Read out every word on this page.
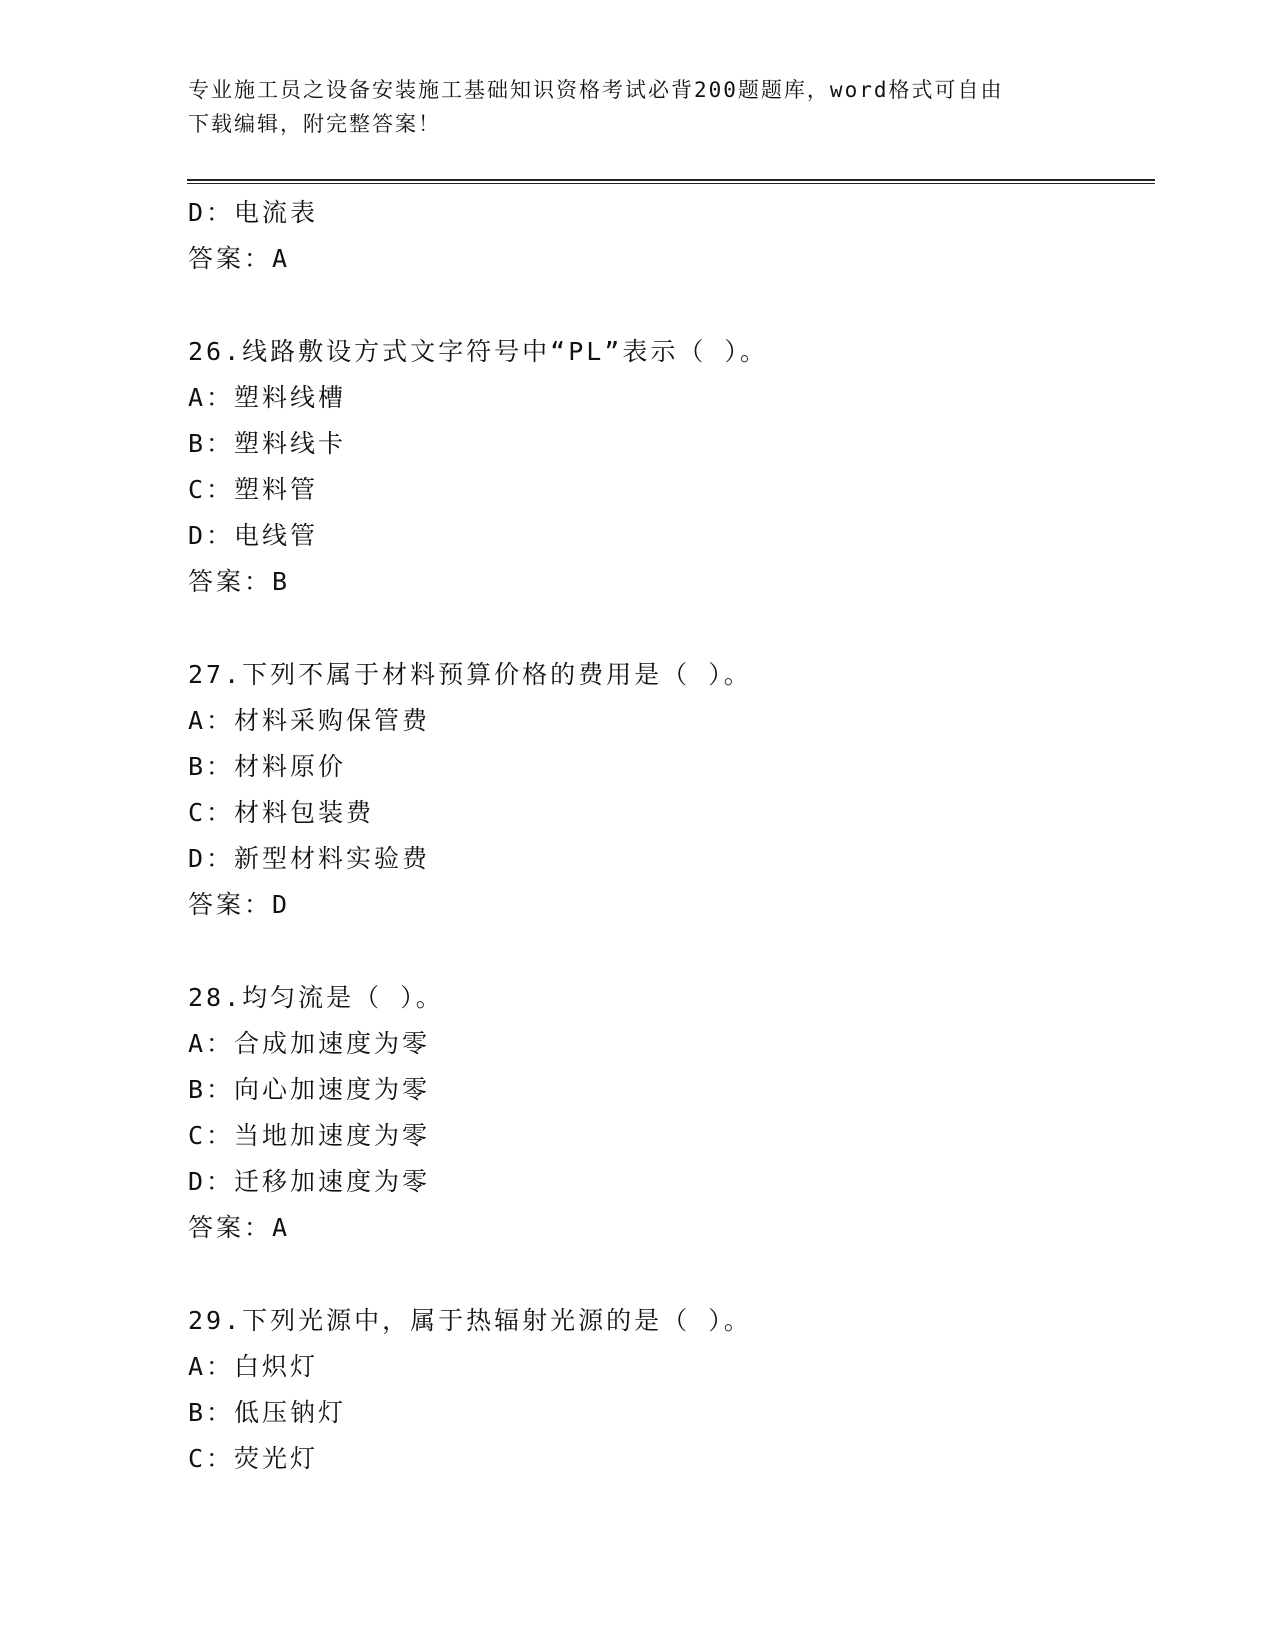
专业施工员之设备安装施工基础知识资格考试必背200题题库，word格式可自由
下载编辑，附完整答案！
D：电流表
答案：A
26.线路敷设方式文字符号中“PL”表示（ ）。
A：塑料线槽
B：塑料线卡
C：塑料管
D：电线管
答案：B
27.下列不属于材料预算价格的费用是（ ）。
A：材料采购保管费
B：材料原价
C：材料包装费
D：新型材料实验费
答案：D
28.均匀流是（ ）。
A：合成加速度为零
B：向心加速度为零
C：当地加速度为零
D：迁移加速度为零
答案：A
29.下列光源中，属于热辐射光源的是（ ）。
A：白炽灯
B：低压钠灯
C：荧光灯
